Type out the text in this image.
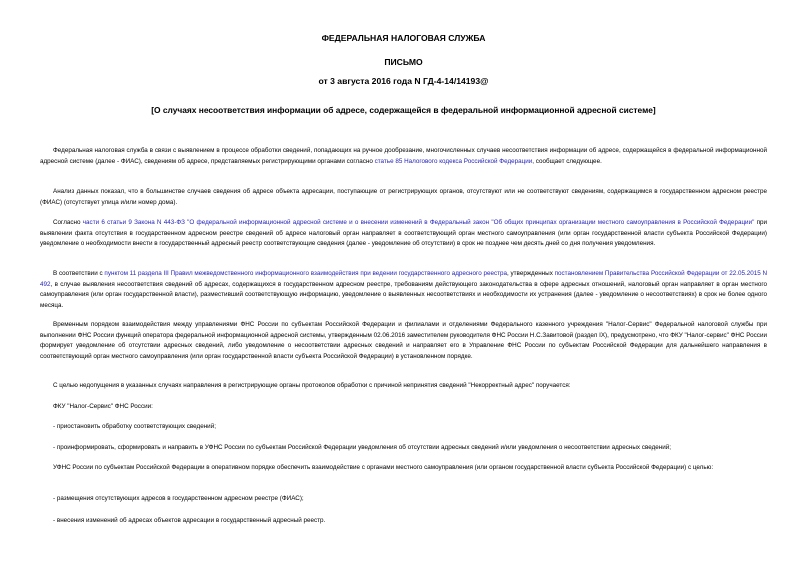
ФЕДЕРАЛЬНАЯ НАЛОГОВАЯ СЛУЖБА
ПИСЬМО
от 3 августа 2016 года N ГД-4-14/14193@
[О случаях несоответствия информации об адресе, содержащейся в федеральной информационной адресной системе]

Федеральная налоговая служба в связи с выявлением в процессе обработки сведений, попадающих на ручное дообрезание, многочисленных случаев несоответствия информации об адресе, содержащейся в федеральной информационной адресной системе (далее - ФИАС), сведениям об адресе, представляемых регистрирующими органами согласно статье 85 Налогового кодекса Российской Федерации, сообщает следующее.

Анализ данных показал, что в большинстве случаев сведения об адресе объекта адресации, поступающие от регистрирующих органов, отсутствуют или не соответствуют сведениям, содержащимся в государственном адресном реестре (ФИАС) (отсутствует улица и/или номер дома).

Согласно части 6 статьи 9 Закона N 443-ФЗ "О федеральной информационной адресной системе и о внесении изменений в Федеральный закон "Об общих принципах организации местного самоуправления в Российской Федерации" при выявлении факта отсутствия в государственном адресном реестре сведений об адресе налоговый орган направляет в соответствующий орган местного самоуправления (или орган государственной власти субъекта Российской Федерации) уведомление о необходимости внести в государственный адресный реестр соответствующие сведения (далее - уведомление об отсутствии) в срок не позднее чем десять дней со дня получения уведомления.

В соответствии с пунктом 11 раздела III Правил межведомственного информационного взаимодействия при ведении государственного адресного реестра, утвержденных постановлением Правительства Российской Федерации от 22.05.2015 N 492, в случае выявления несоответствия сведений об адресах, содержащихся в государственном адресном реестре, требованиям действующего законодательства в сфере адресных отношений, налоговый орган направляет в орган местного самоуправления (или орган государственной власти), разместивший соответствующую информацию, уведомление о выявленных несоответствиях и необходимости их устранения (далее - уведомление о несоответствиях) в срок не более одного месяца.

Временным порядком взаимодействия между управлениями ФНС России по субъектам Российской Федерации и филиалами и отделениями Федерального казенного учреждения "Налог-Сервис" Федеральной налоговой службы при выполнении ФНС России функций оператора федеральной информационной адресной системы, утвержденным 02.06.2016 заместителем руководителя ФНС России Н.С.Завитовой (раздел IX), предусмотрено, что ФКУ "Налог-сервис" ФНС России формирует уведомление об отсутствии адресных сведений, либо уведомление о несоответствии адресных сведений и направляет его в Управление ФНС России по субъектам Российской Федерации для дальнейшего направления в соответствующий орган местного самоуправления (или орган государственной власти субъекта Российской Федерации) в установленном порядке.

С целью недопущения в указанных случаях направления в регистрирующие органы протоколов обработки с причиной непринятия сведений "Некорректный адрес" поручается:

ФКУ "Налог-Сервис" ФНС России:

- приостановить обработку соответствующих сведений;

- проинформировать, сформировать и направить в УФНС России по субъектам Российской Федерации уведомления об отсутствии адресных сведений и/или уведомления о несоответствии адресных сведений;

УФНС России по субъектам Российской Федерации в оперативном порядке обеспечить взаимодействие с органами местного самоуправления (или органом государственной власти субъекта Российской Федерации) с целью:

- размещения отсутствующих адресов в государственном адресном реестре (ФИАС);

- внесения изменений об адресах объектов адресации в государственный адресный реестр.
